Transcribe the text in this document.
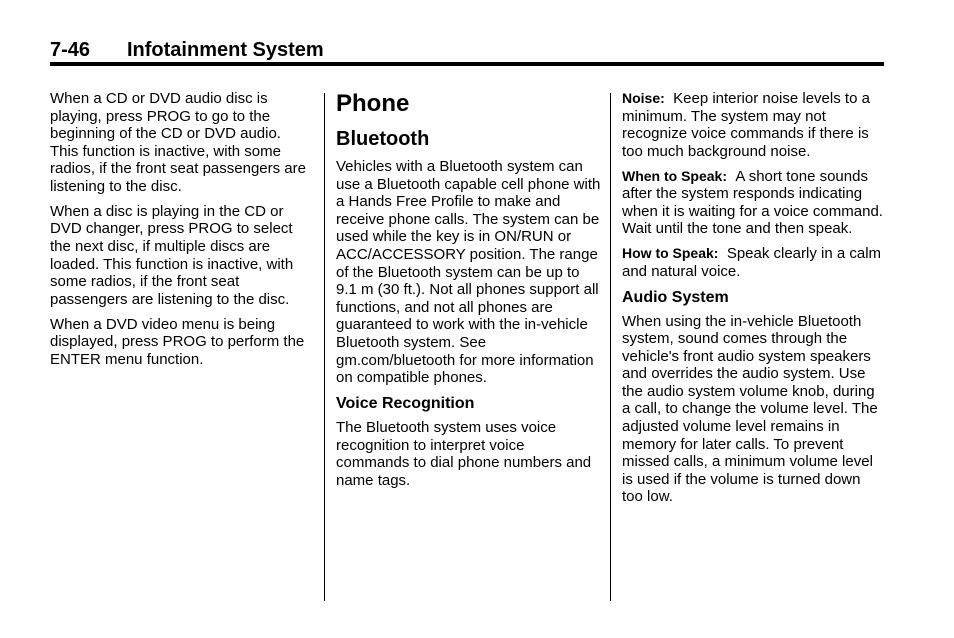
7-46 Infotainment System

When a CD or DVD audio disc is playing, press PROG to go to the beginning of the CD or DVD audio. This function is inactive, with some radios, if the front seat passengers are listening to the disc.

When a disc is playing in the CD or DVD changer, press PROG to select the next disc, if multiple discs are loaded. This function is inactive, with some radios, if the front seat passengers are listening to the disc.

When a DVD video menu is being displayed, press PROG to perform the ENTER menu function.

Phone
Bluetooth

Vehicles with a Bluetooth system can use a Bluetooth capable cell phone with a Hands Free Profile to make and receive phone calls. The system can be used while the key is in ON/RUN or ACC/ACCESSORY position. The range of the Bluetooth system can be up to 9.1 m (30 ft.). Not all phones support all functions, and not all phones are guaranteed to work with the in-vehicle Bluetooth system. See gm.com/bluetooth for more information on compatible phones.

Voice Recognition

The Bluetooth system uses voice recognition to interpret voice commands to dial phone numbers and name tags.

Noise: Keep interior noise levels to a minimum. The system may not recognize voice commands if there is too much background noise.

When to Speak: A short tone sounds after the system responds indicating when it is waiting for a voice command. Wait until the tone and then speak.

How to Speak: Speak clearly in a calm and natural voice.

Audio System

When using the in-vehicle Bluetooth system, sound comes through the vehicle's front audio system speakers and overrides the audio system. Use the audio system volume knob, during a call, to change the volume level. The adjusted volume level remains in memory for later calls. To prevent missed calls, a minimum volume level is used if the volume is turned down too low.
